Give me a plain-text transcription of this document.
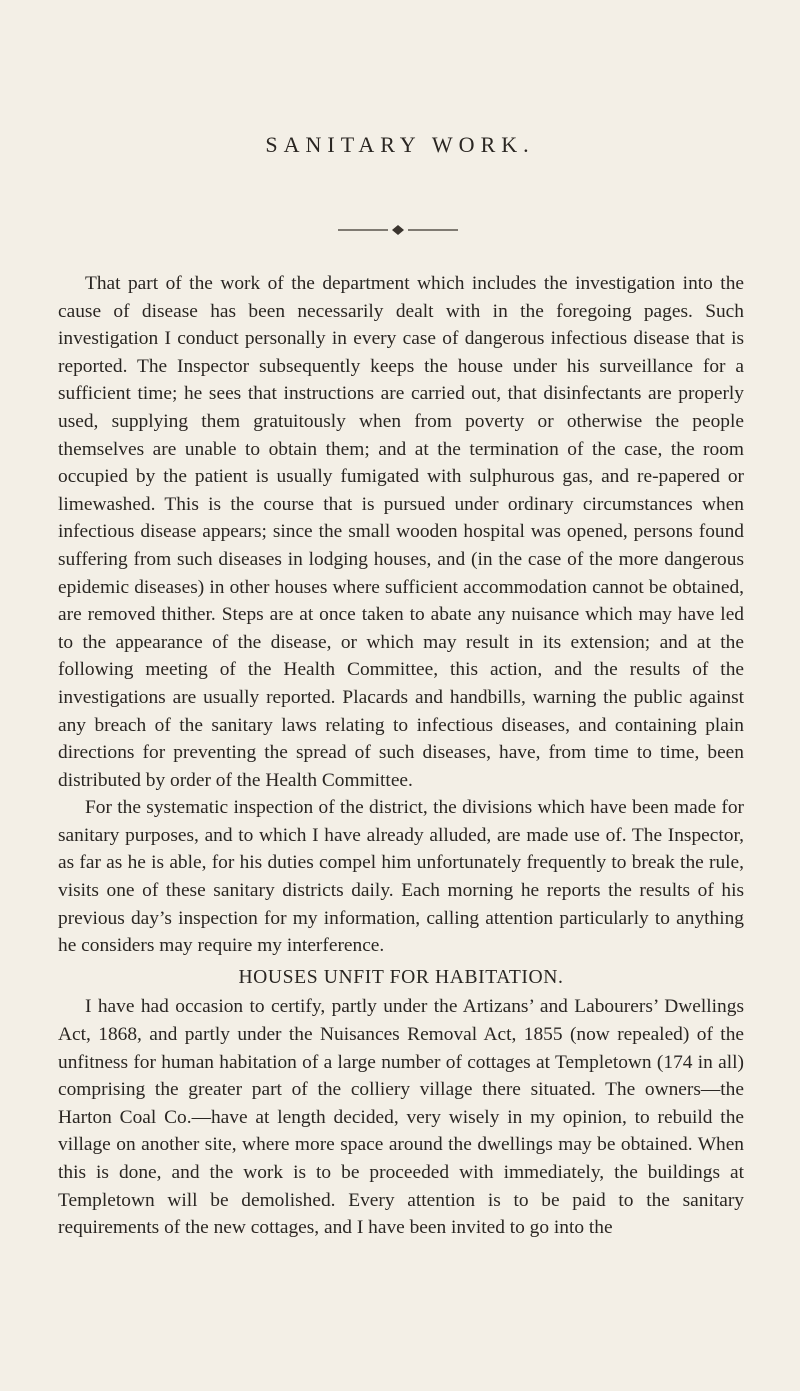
SANITARY WORK.

That part of the work of the department which includes the investigation into the cause of disease has been necessarily dealt with in the foregoing pages. Such investigation I conduct personally in every case of dangerous infectious disease that is reported. The Inspector subsequently keeps the house under his surveillance for a sufficient time; he sees that instructions are carried out, that disinfectants are properly used, supplying them gratuitously when from poverty or otherwise the people themselves are unable to obtain them; and at the termination of the case, the room occupied by the patient is usually fumigated with sulphurous gas, and re-papered or limewashed. This is the course that is pursued under ordinary circumstances when infectious disease appears; since the small wooden hospital was opened, persons found suffering from such diseases in lodging houses, and (in the case of the more dangerous epidemic diseases) in other houses where sufficient accommodation cannot be obtained, are removed thither. Steps are at once taken to abate any nuisance which may have led to the appearance of the disease, or which may result in its extension; and at the following meeting of the Health Committee, this action, and the results of the investigations are usually reported. Placards and handbills, warning the public against any breach of the sanitary laws relating to infectious diseases, and containing plain directions for preventing the spread of such diseases, have, from time to time, been distributed by order of the Health Committee.

For the systematic inspection of the district, the divisions which have been made for sanitary purposes, and to which I have already alluded, are made use of. The Inspector, as far as he is able, for his duties compel him unfortunately frequently to break the rule, visits one of these sanitary districts daily. Each morning he reports the results of his previous day’s inspection for my information, calling attention particularly to anything he considers may require my interference.

HOUSES UNFIT FOR HABITATION.

I have had occasion to certify, partly under the Artizans’ and Labourers’ Dwellings Act, 1868, and partly under the Nuisances Removal Act, 1855 (now repealed) of the unfitness for human habitation of a large number of cottages at Templetown (174 in all) comprising the greater part of the colliery village there situated. The owners—the Harton Coal Co.—have at length decided, very wisely in my opinion, to rebuild the village on another site, where more space around the dwellings may be obtained. When this is done, and the work is to be proceeded with immediately, the buildings at Templetown will be demolished. Every attention is to be paid to the sanitary requirements of the new cottages, and I have been invited to go into the
